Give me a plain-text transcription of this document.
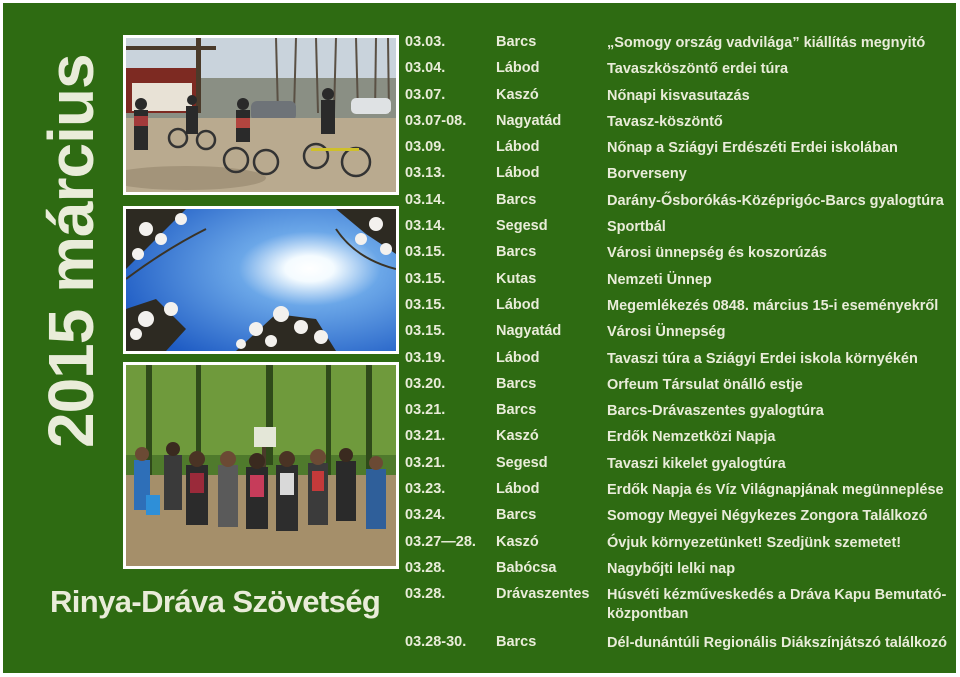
2015 március
Rinya-Dráva Szövetség
03.03.	Barcs	„Somogy ország vadvilága” kiállítás megnyitó
03.04.	Lábod	Tavaszköszöntő erdei túra
03.07.	Kaszó	Nőnapi kisvasutazás
03.07-08.	Nagyatád	Tavasz-köszöntő
03.09.	Lábod	Nőnap a Sziágyi Erdészéti Erdei iskolában
03.13.	Lábod	Borverseny
03.14.	Barcs	Darány-Ősborókás-Középrigóc-Barcs gyalogtúra
03.14.	Segesd	Sportbál
03.15.	Barcs	Városi ünnepség és koszorúzás
03.15.	Kutas	Nemzeti Ünnep
03.15.	Lábod	Megemlékezés 0848. március 15-i eseményekről
03.15.	Nagyatád	Városi Ünnepség
03.19.	Lábod	Tavaszi túra a Sziágyi Erdei iskola környékén
03.20.	Barcs	Orfeum Társulat önálló estje
03.21.	Barcs	Barcs-Drávaszentes gyalogtúra
03.21.	Kaszó	Erdők Nemzetközi Napja
03.21.	Segesd	Tavaszi kikelet gyalogtúra
03.23.	Lábod	Erdők Napja és Víz Világnapjának megünneplése
03.24.	Barcs	Somogy Megyei Négykezes Zongora Találkozó
03.27—28.	Kaszó	Óvjuk környezetünket! Szedjünk szemetet!
03.28.	Babócsa	Nagybőjti lelki nap
03.28.	Drávaszentes	Húsvéti kézműveskedés a Dráva Kapu Bemutató-központban
03.28-30.	Barcs	Dél-dunántúli Regionális Diákszínjátszó találkozó
